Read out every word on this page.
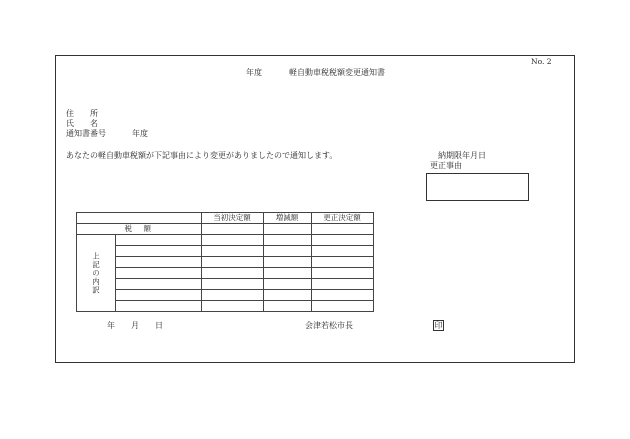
No. 2
年度	軽自動車税税額変更通知書
住　　所
氏　　名
通知書番号	年度
あなたの軽自動車税額が下記事由により変更がありましたので通知します。	納期限年月日
更正事由
		当初決定額	増減額	更正決定額
税　額				
上記の内訳				

年　　月　　日	会津若松市長	印
